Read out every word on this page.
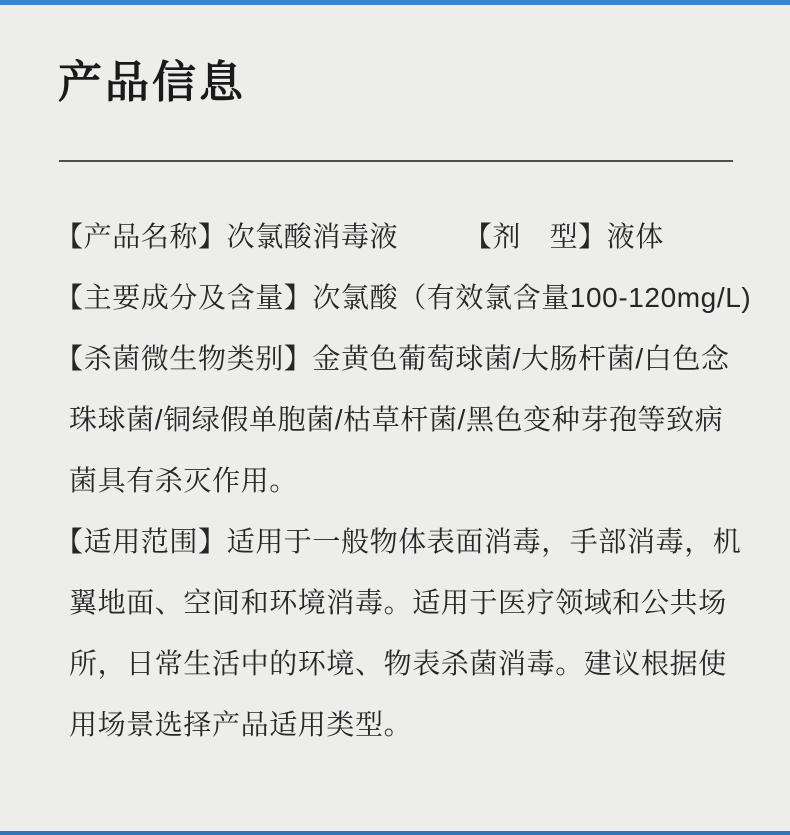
产品信息
【产品名称】次氯酸消毒液　　 【剂　型】液体
【主要成分及含量】次氯酸（有效氯含量100-120mg/L)
【杀菌微生物类别】金黄色葡萄球菌/大肠杆菌/白色念
珠球菌/铜绿假单胞菌/枯草杆菌/黑色变种芽孢等致病
菌具有杀灭作用。
【适用范围】适用于一般物体表面消毒，手部消毒，机
翼地面、空间和环境消毒。适用于医疗领域和公共场
所，日常生活中的环境、物表杀菌消毒。建议根据使
用场景选择产品适用类型。
